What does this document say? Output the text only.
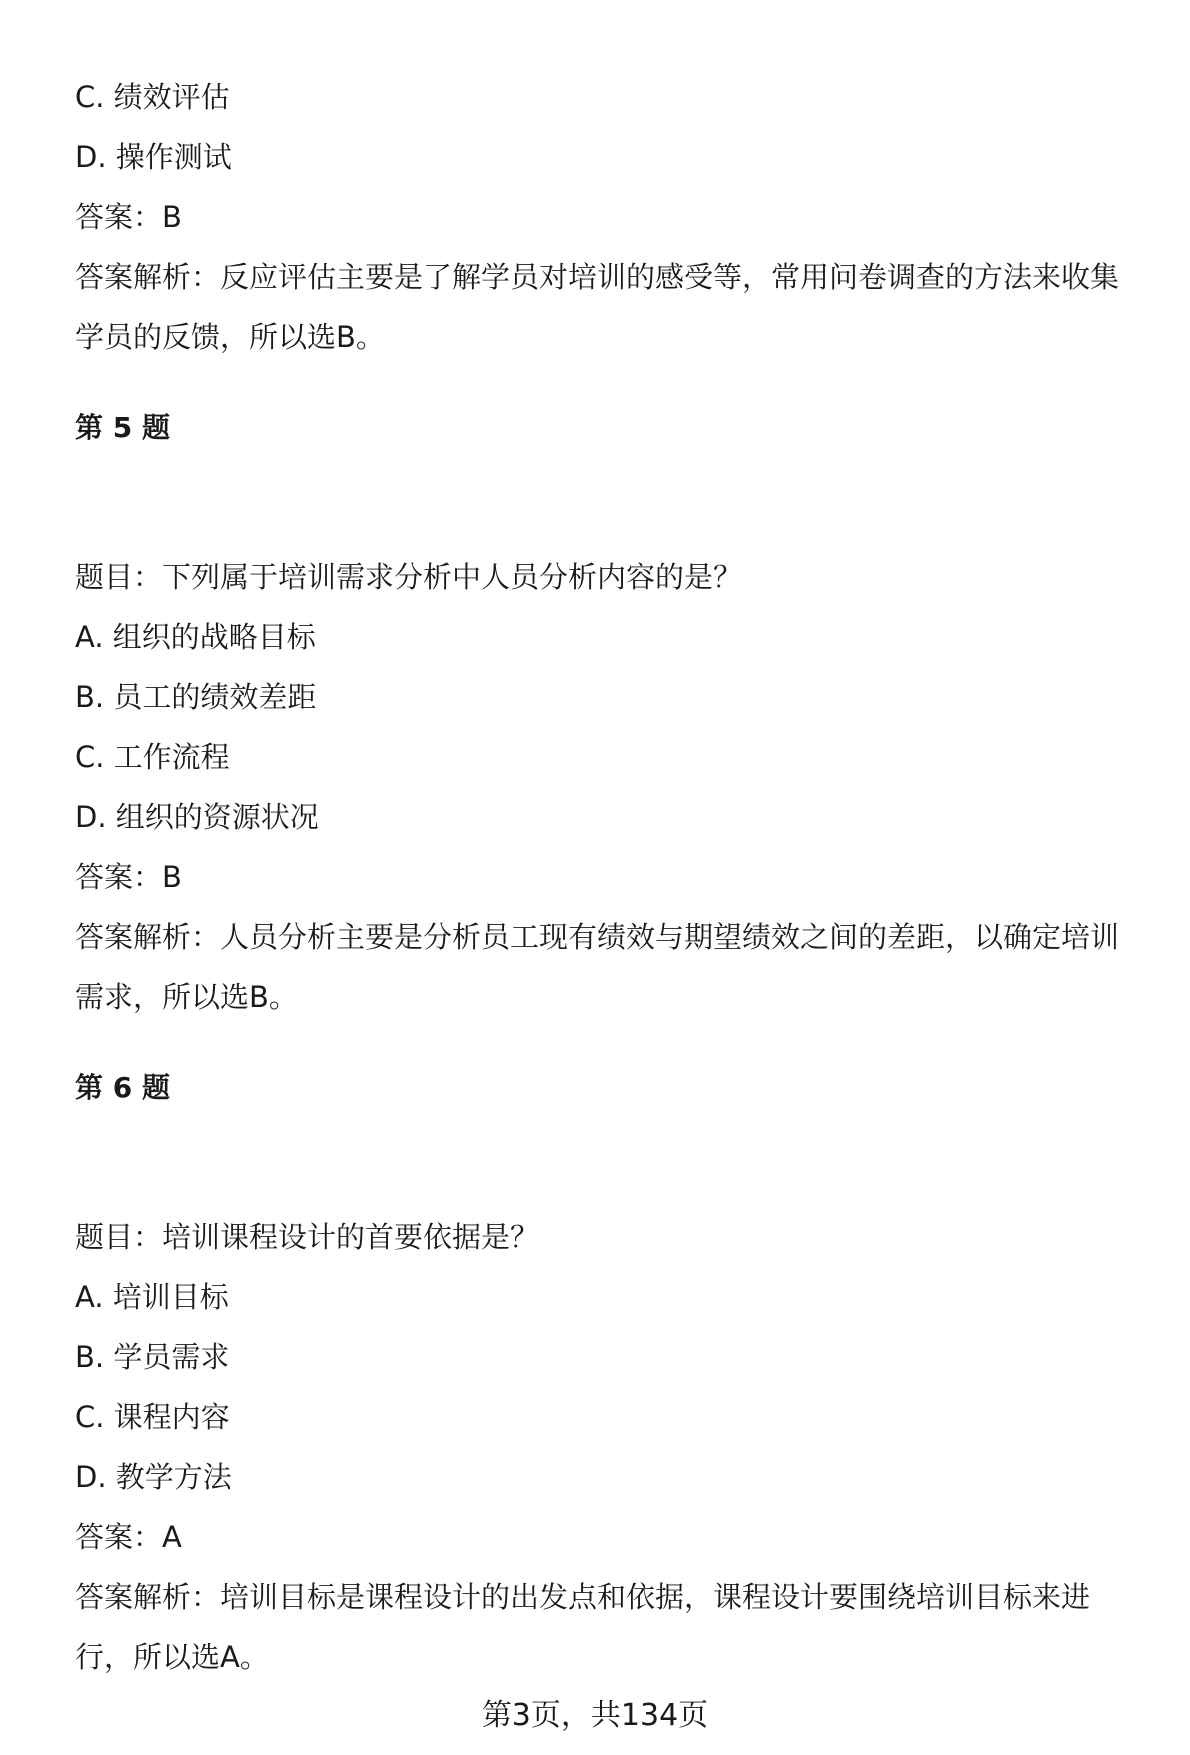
C. 绩效评估
D. 操作测试
答案：B
答案解析：反应评估主要是了解学员对培训的感受等，常用问卷调查的方法来收集
学员的反馈，所以选B。
第 5 题
题目：下列属于培训需求分析中人员分析内容的是？
A. 组织的战略目标
B. 员工的绩效差距
C. 工作流程
D. 组织的资源状况
答案：B
答案解析：人员分析主要是分析员工现有绩效与期望绩效之间的差距，以确定培训
需求，所以选B。
第 6 题
题目：培训课程设计的首要依据是？
A. 培训目标
B. 学员需求
C. 课程内容
D. 教学方法
答案：A
答案解析：培训目标是课程设计的出发点和依据，课程设计要围绕培训目标来进
行，所以选A。
第3页，共134页
